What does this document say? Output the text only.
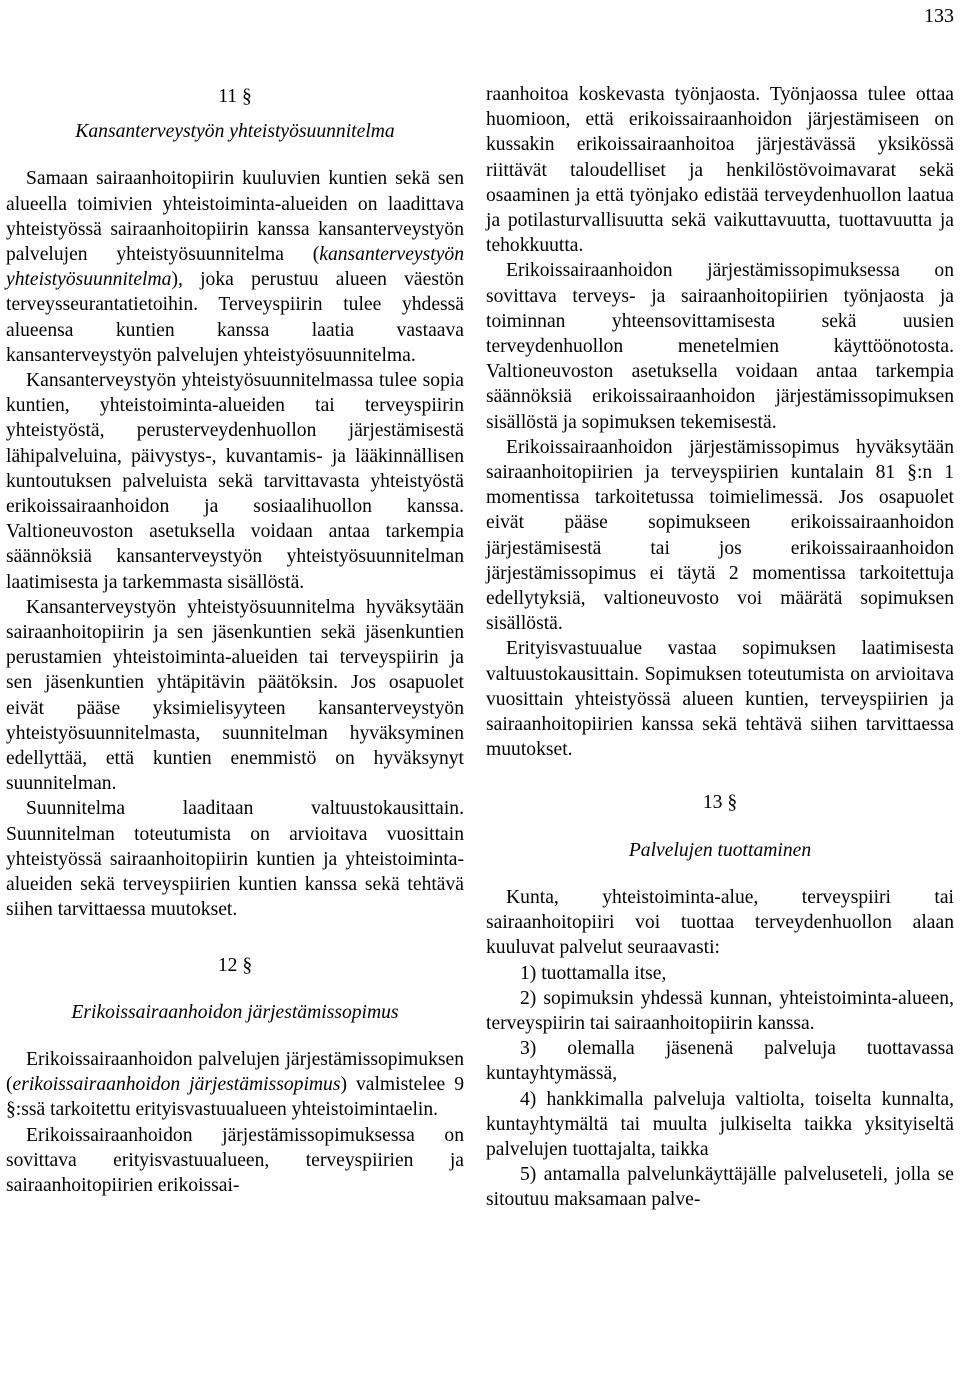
133
11 §
Kansanterveystyön yhteistyösuunnitelma

Samaan sairaanhoitopiirin kuuluvien kuntien sekä sen alueella toimivien yhteistoiminta-alueiden on laadittava yhteistyössä sairaanhoitopiirin kanssa kansanterveystyön palvelujen yhteistyösuunnitelma (kansanterveystyön yhteistyösuunnitelma), joka perustuu alueen väestön terveysseurantatietoihin. Terveyspiirin tulee yhdessä alueensa kuntien kanssa laatia vastaava kansanterveystyön palvelujen yhteistyösuunnitelma.

Kansanterveystyön yhteistyösuunnitelmassa tulee sopia kuntien, yhteistoiminta-alueiden tai terveyspiirin yhteistyöstä, perusterveydenhuollon järjestämisestä lähipalveluina, päivystys-, kuvantamis- ja lääkinnällisen kuntoutuksen palveluista sekä tarvittavasta yhteistyöstä erikoissairaanhoidon ja sosiaalihuollon kanssa. Valtioneuvoston asetuksella voidaan antaa tarkempia säännöksiä kansanterveystyön yhteistyösuunnitelman laatimisesta ja tarkemmasta sisällöstä.

Kansanterveystyön yhteistyösuunnitelma hyväksytään sairaanhoitopiirin ja sen jäsenkuntien sekä jäsenkuntien perustamien yhteistoiminta-alueiden tai terveyspiirin ja sen jäsenkuntien yhtäpitävin päätöksin. Jos osapuolet eivät pääse yksimielisyyteen kansanterveystyön yhteistyösuunnitelmasta, suunnitelman hyväksyminen edellyttää, että kuntien enemmistö on hyväksynyt suunnitelman.

Suunnitelma laaditaan valtuustokausittain. Suunnitelman toteutumista on arvioitava vuosittain yhteistyössä sairaanhoitopiirin kuntien ja yhteistoiminta-alueiden sekä terveyspiirien kuntien kanssa sekä tehtävä siihen tarvittaessa muutokset.

12 §
Erikoissairaanhoidon järjestämissopimus

Erikoissairaanhoidon palvelujen järjestämissopimuksen (erikoissairaanhoidon järjestämissopimus) valmistelee 9 §:ssä tarkoitettu erityisvastuualueen yhteistoimintaelin.

Erikoissairaanhoidon järjestämissopimuksessa on sovittava erityisvastuualueen, terveyspiirien ja sairaanhoitopiirien erikoissai-

raanhoitoa koskevasta työnjaosta. Työnjaossa tulee ottaa huomioon, että erikoissairaanhoidon järjestämiseen on kussakin erikoissairaanhoitoa järjestävässä yksikössä riittävät taloudelliset ja henkilöstövoimavarat sekä osaaminen ja että työnjako edistää terveydenhuollon laatua ja potilasturvallisuutta sekä vaikuttavuutta, tuottavuutta ja tehokkuutta.

Erikoissairaanhoidon järjestämissopimuksessa on sovittava terveys- ja sairaanhoitopiirien työnjaosta ja toiminnan yhteensovittamisesta sekä uusien terveydenhuollon menetelmien käyttöönotosta. Valtioneuvoston asetuksella voidaan antaa tarkempia säännöksiä erikoissairaanhoidon järjestämissopimuksen sisällöstä ja sopimuksen tekemisestä.

Erikoissairaanhoidon järjestämissopimus hyväksytään sairaanhoitopiirien ja terveyspiirien kuntalain 81 §:n 1 momentissa tarkoitetussa toimielimessä. Jos osapuolet eivät pääse sopimukseen erikoissairaanhoidon järjestämisestä tai jos erikoissairaanhoidon järjestämissopimus ei täytä 2 momentissa tarkoitettuja edellytyksiä, valtioneuvosto voi määrätä sopimuksen sisällöstä.

Erityisvastuualue vastaa sopimuksen laatimisesta valtuustokausittain. Sopimuksen toteutumista on arvioitava vuosittain yhteistyössä alueen kuntien, terveyspiirien ja sairaanhoitopiirien kanssa sekä tehtävä siihen tarvittaessa muutokset.

13 §
Palvelujen tuottaminen

Kunta, yhteistoiminta-alue, terveyspiiri tai sairaanhoitopiiri voi tuottaa terveydenhuollon alaan kuuluvat palvelut seuraavasti:

1) tuottamalla itse,

2) sopimuksin yhdessä kunnan, yhteistoiminta-alueen, terveyspiirin tai sairaanhoitopiirin kanssa.

3) olemalla jäsenenä palveluja tuottavassa kuntayhtymässä,

4) hankkimalla palveluja valtiolta, toiselta kunnalta, kuntayhtymältä tai muulta julkiselta taikka yksityiseltä palvelujen tuottajalta, taikka

5) antamalla palvelunkäyttäjälle palveluseteli, jolla se sitoutuu maksamaan palve-
